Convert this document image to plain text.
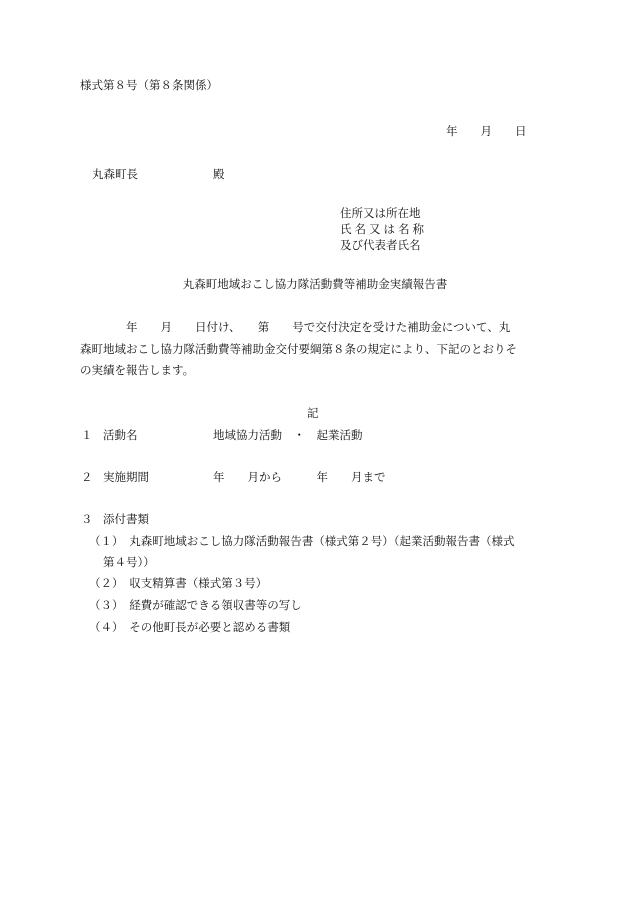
様式第８号（第８条関係）
年　　月　　日
丸森町長	殿
住所又は所在地
氏名又は名称
及び代表者氏名
丸森町地域おこし協力隊活動費等補助金実績報告書
　　　　年　　月　　日付け、　　第　　号で交付決定を受けた補助金について、丸
森町地域おこし協力隊活動費等補助金交付要綱第８条の規定により、下記のとおりそ
の実績を報告します。
記
１ 活動名	地域協力活動　・　起業活動
２ 実施期間	年　　月から　　　年　　月まで
３ 添付書類
（１）　丸森町地域おこし協力隊活動報告書（様式第２号）（起業活動報告書（様式
第４号））
（２）　収支精算書（様式第３号）
（３）　経費が確認できる領収書等の写し
（４）　その他町長が必要と認める書類
